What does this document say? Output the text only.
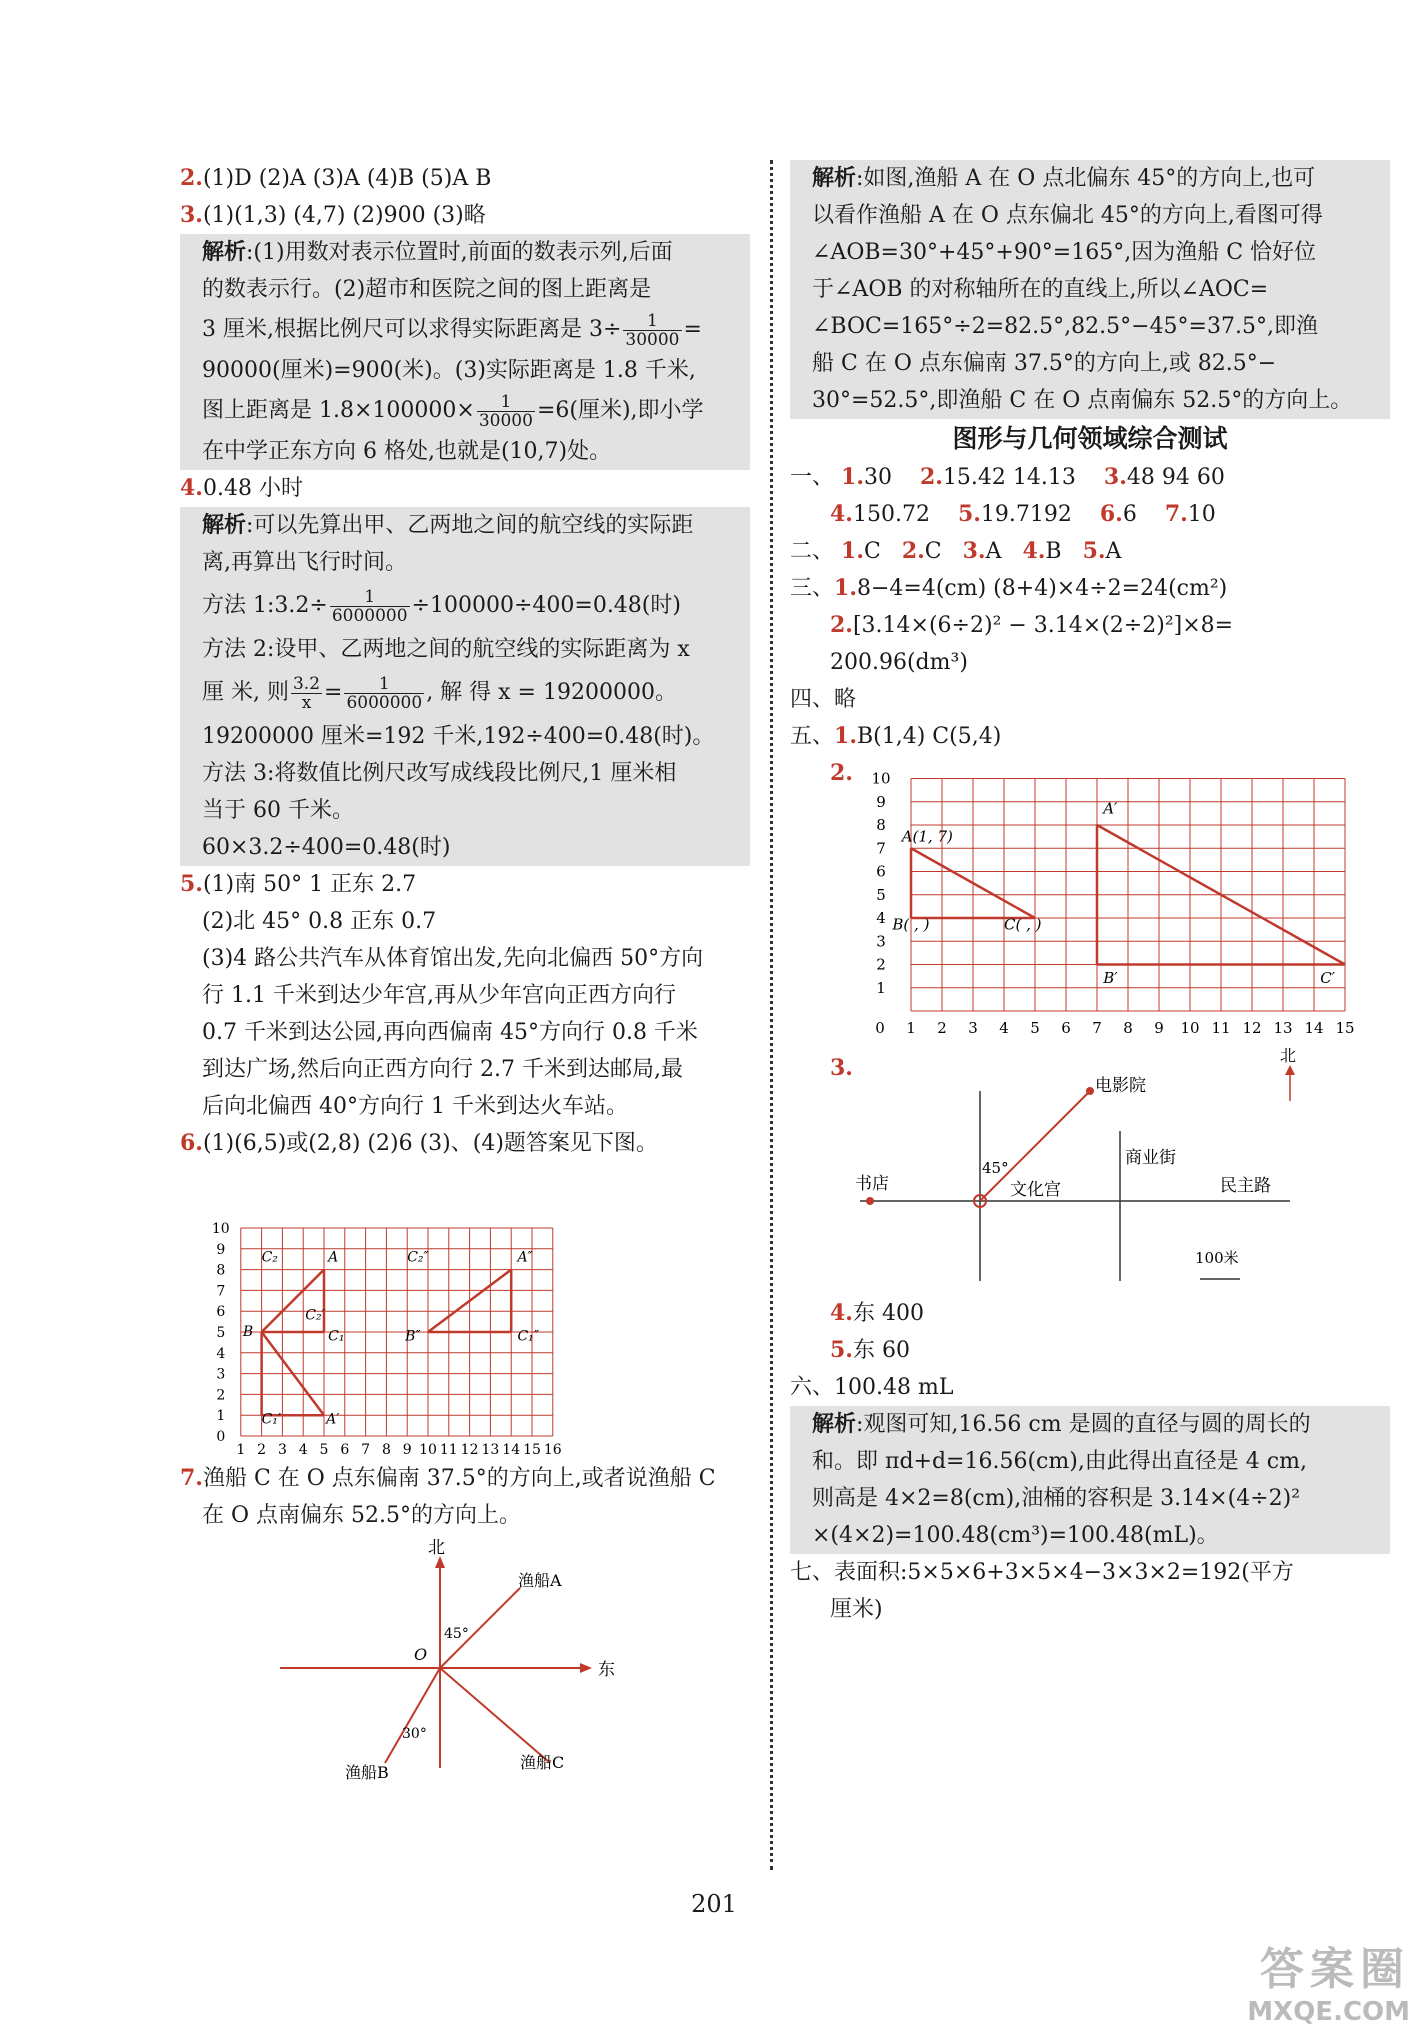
2.(1)D (2)A (3)A (4)B (5)A B
3.(1)(1,3) (4,7) (2)900 (3)略
解析:(1)用数对表示位置时,前面的数表示列,后面
的数表示行。(2)超市和医院之间的图上距离是
3 厘米,根据比例尺可以求得实际距离是 $3\div \frac{1}{30000}$ =
90000(厘米)=900(米)。(3)实际距离是 1.8 千米,
图上距离是 $1.8\times 100000\times \frac{1}{30000} =6$(厘米),即小学
在中学正东方向 6 格处,也就是(10,7)处。
4.0.48 小时
解析:可以先算出甲、乙两地之间的航空线的实际距
离,再算出飞行时间。
方法 1:3.2÷ $\frac{1}{6000000} \div 100000\div 400=0.48$(时)
方法 2:设甲、乙两地之间的航空线的实际距离为 x
厘 米, 则 $\frac{3.2}{x} = \frac{1}{6000000}$ , 解 得 x = 19200000。
19200000 厘米=192 千米,192÷400=0.48(时)。
方法 3:将数值比例尺改写成线段比例尺,1 厘米相
当于 60 千米。
60×3.2÷400=0.48(时)
5.(1)南 50° 1 正东 2.7
(2)北 45° 0.8 正东 0.7
(3)4 路公共汽车从体育馆出发,先向北偏西 50°方向
行 1.1 千米到达少年宫,再从少年宫向正西方向行
0.7 千米到达公园,再向西偏南 45°方向行 0.8 千米
到达广场,然后向正西方向行 2.7 千米到达邮局,最
后向北偏西 40°方向行 1 千米到达火车站。
6.(1)(6,5)或(2,8) (2)6 (3)、(4)题答案见下图。
1 2 3 4 5 6 7 8 9 10 11 12 13 14 15 16
10
9
8
7
6
5
4
3
2
1
0
C₂	A
B
C₂′
C₁
C₁′	A′
C₂″	A″
B″	C₁″
7.渔船 C 在 O 点东偏南 37.5°的方向上,或者说渔船 C
在 O 点南偏东 52.5°的方向上。
北
东
O
渔船A
渔船B
渔船C
45°
30°
解析:如图,渔船 A 在 O 点北偏东 45°的方向上,也可
以看作渔船 A 在 O 点东偏北 45°的方向上,看图可得
∠AOB=30°+45°+90°=165°,因为渔船 C 恰好位
于∠AOB 的对称轴所在的直线上,所以∠AOC=
∠BOC=165°÷2=82.5°,82.5°−45°=37.5°,即渔
船 C 在 O 点东偏南 37.5°的方向上,或 82.5°−
30°=52.5°,即渔船 C 在 O 点南偏东 52.5°的方向上。
图形与几何领域综合测试
一、 1.30 2.15.42 14.13 3.48 94 60
4.150.72 5.19.7192 6.6 7.10
二、 1.C 2.C 3.A 4.B 5.A
三、1.8−4=4(cm) (8+4)×4÷2=24(cm²)
2.[3.14×(6÷2)² − 3.14×(2÷2)²]×8=
200.96(dm³)
四、略
五、1.B(1,4) C(5,4)
2.
0 1 2 3 4 5 6 7 8 9 10 11 12 13 14 15
10
9
8
7
6
5
4
3
2
1
A(1, 7)
B( , )	C( , )
A′
B′	C′
3.	北
电影院
商业街
书店	文化宫	民主路
45°
100米
4.东 400
5.东 60
六、100.48 mL
解析:观图可知,16.56 cm 是圆的直径与圆的周长的
和。即 πd+d=16.56(cm),由此得出直径是 4 cm,
则高是 4×2=8(cm),油桶的容积是 3.14×(4÷2)²
×(4×2)=100.48(cm³)=100.48(mL)。
七、表面积:5×5×6+3×5×4−3×3×2=192(平方
厘米)
201
答案圈
MXQE.COM
